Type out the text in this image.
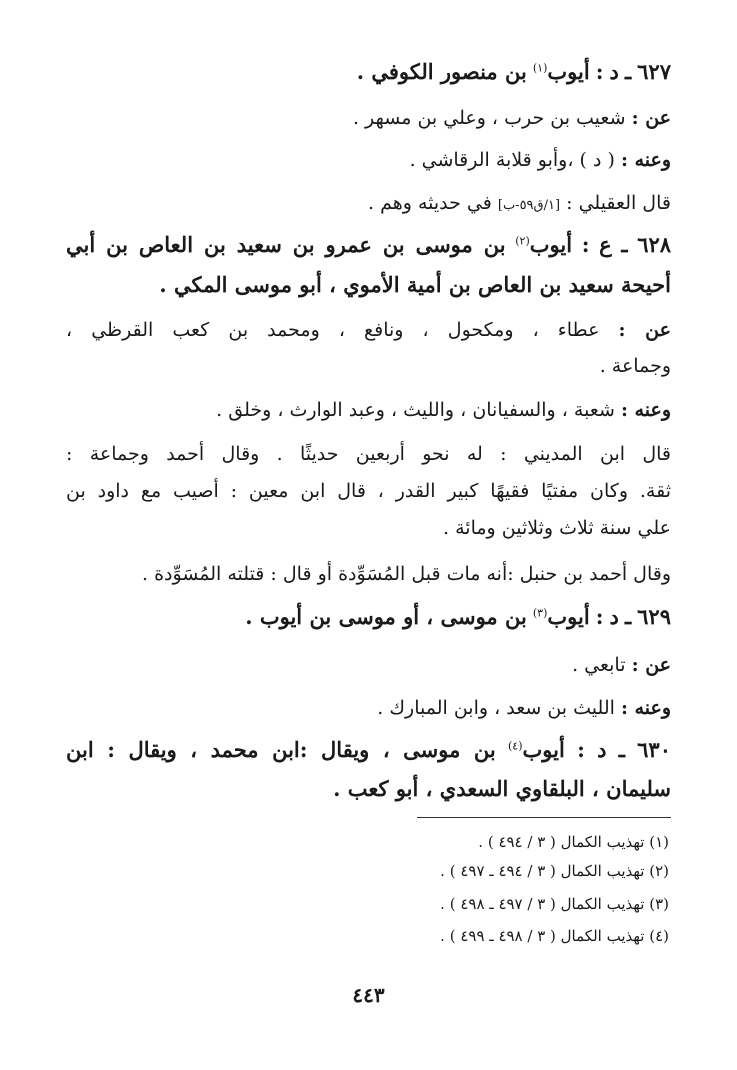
٦٢٧ ـ د : أيوب$^{(١)}$ بن منصور الكوفي .
عن : شعيب بن حرب ، وعلي بن مسهر .
وعنه : ( د ) ،وأبو قلابة الرقاشي .
قال العقيلي : [١/ق٥٩-ب] في حديثه وهم .
٦٢٨ ـ ع : أيوب$^{(٢)}$ بن موسى بن عمرو بن سعيد بن العاص بن أبي
أحيحة سعيد بن العاص بن أمية الأموي ، أبو موسى المكي .
عن : عطاء ، ومكحول ، ونافع ، ومحمد بن كعب القرظي ،
وجماعة .
وعنه : شعبة ، والسفيانان ، والليث ، وعبد الوارث ، وخلق .
قال ابن المديني : له نحو أربعين حديثًا . وقال أحمد وجماعة :
ثقة. وكان مفتيًا فقيهًا كبير القدر ، قال ابن معين : أصيب مع داود بن
علي سنة ثلاث وثلاثين ومائة .
وقال أحمد بن حنبل :أنه مات قبل المُسَوِّدة أو قال : قتلته المُسَوِّدة .
٦٢٩ ـ د : أيوب$^{(٣)}$ بن موسى ، أو موسى بن أيوب .
عن : تابعي .
وعنه : الليث بن سعد ، وابن المبارك .
٦٣٠ ـ د : أيوب$^{(٤)}$ بن موسى ، ويقال :ابن محمد ، ويقال : ابن
سليمان ، البلقاوي السعدي ، أبو كعب .
(١) تهذيب الكمال ( ٣ / ٤٩٤ ) .
(٢) تهذيب الكمال ( ٣ / ٤٩٤ ـ ٤٩٧ ) .
(٣) تهذيب الكمال ( ٣ / ٤٩٧ ـ ٤٩٨ ) .
(٤) تهذيب الكمال ( ٣ / ٤٩٨ ـ ٤٩٩ ) .
٤٤٣
